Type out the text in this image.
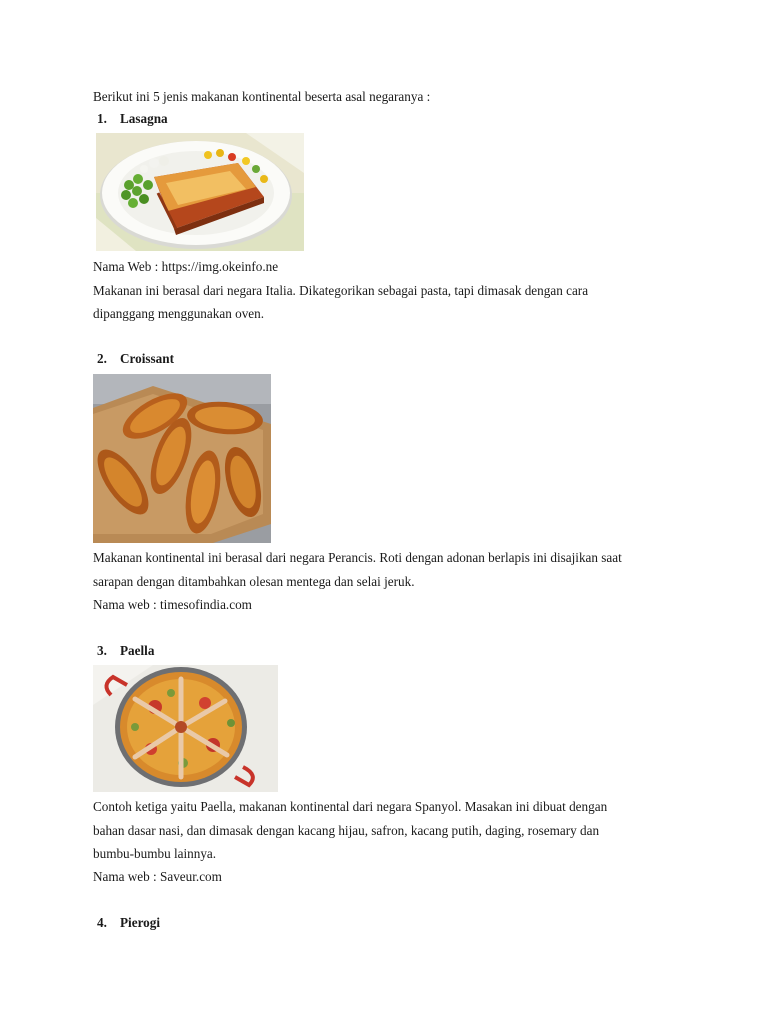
Berikut ini 5 jenis makanan kontinental beserta asal negaranya :
1. Lasagna
Nama Web : https://img.okeinfo.ne
Makanan ini berasal dari negara Italia. Dikategorikan sebagai pasta, tapi dimasak dengan cara
dipanggang menggunakan oven.
2. Croissant
Makanan kontinental ini berasal dari negara Perancis. Roti dengan adonan berlapis ini disajikan saat
sarapan dengan ditambahkan olesan mentega dan selai jeruk.
Nama web : timesofindia.com
3. Paella
Contoh ketiga yaitu Paella, makanan kontinental dari negara Spanyol. Masakan ini dibuat dengan
bahan dasar nasi, dan dimasak dengan kacang hijau, safron, kacang putih, daging, rosemary dan
bumbu-bumbu lainnya.
Nama web : Saveur.com
4. Pierogi
